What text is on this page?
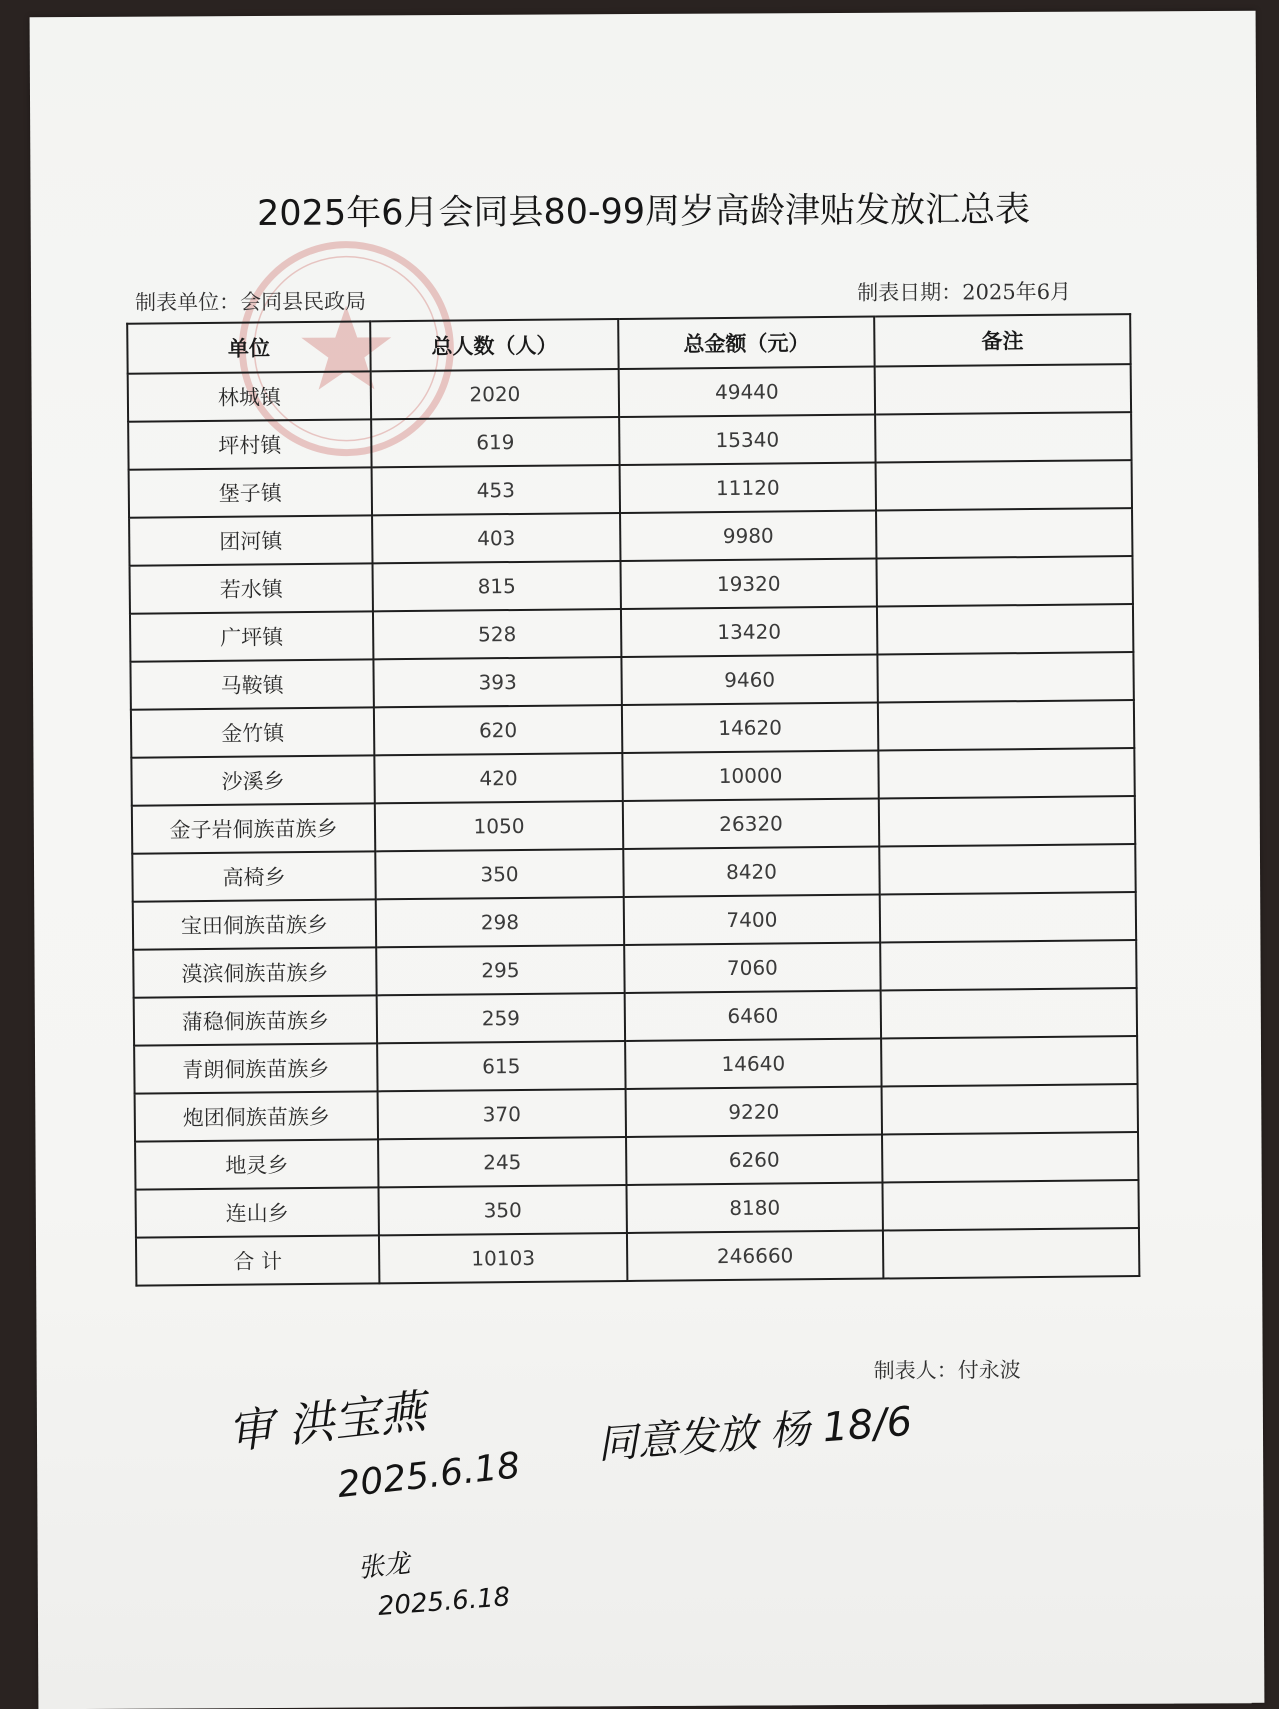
2025年6月会同县80-99周岁高龄津贴发放汇总表
制表单位：会同县民政局	制表日期：2025年6月
单位	总人数（人）	总金额（元）	备注
林城镇	2020	49440	
坪村镇	619	15340	
堡子镇	453	11120	
团河镇	403	9980	
若水镇	815	19320	
广坪镇	528	13420	
马鞍镇	393	9460	
金竹镇	620	14620	
沙溪乡	420	10000	
金子岩侗族苗族乡	1050	26320	
高椅乡	350	8420	
宝田侗族苗族乡	298	7400	
漠滨侗族苗族乡	295	7060	
蒲稳侗族苗族乡	259	6460	
青朗侗族苗族乡	615	14640	
炮团侗族苗族乡	370	9220	
地灵乡	245	6260	
连山乡	350	8180	
合 计	10103	246660	
制表人：付永波
审 洪宝燕
2025.6.18
同意发放 杨 18/6
张龙
2025.6.18
